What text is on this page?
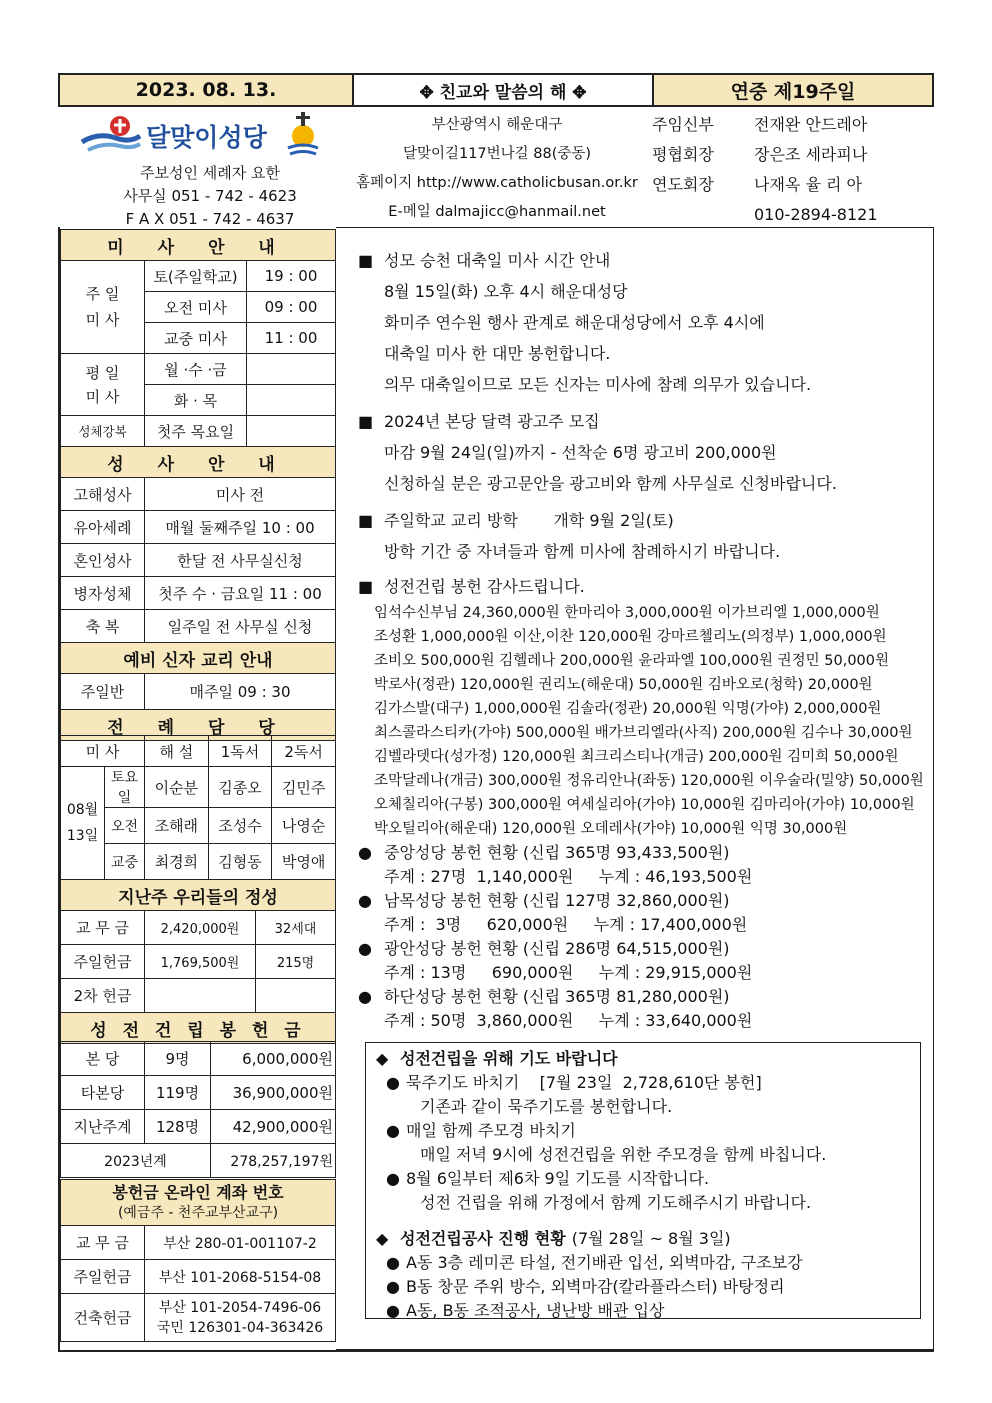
2023. 08. 13.	✥ 친교와 말씀의 해 ✥	연중 제19주일
달맞이성당
주보성인 세례자 요한
사무실 051 - 742 - 4623
F A X 051 - 742 - 4637
부산광역시 해운대구
달맞이길117번나길 88(중동)
홈페이지 http://www.catholicbusan.or.kr
E-메일 dalmajicc@hanmail.net
주임신부	전재완 안드레아
평협회장	장은조 세라피나
연도회장	나재옥 율 리 아
010-2894-8121
미 사 안 내		
주 일
미 사	토(주일학교)	19 : 00
	오전 미사	09 : 00
	교중 미사	11 : 00
평 일
미 사	월 ·수 ·금	
	화 · 목	
성체강복	첫주 목요일	
성 사 안 내		
고해성사	미사 전
유아세례	매월 둘째주일 10 : 00
혼인성사	한달 전 사무실신청
병자성체	첫주 수 · 금요일 11 : 00
축 복	일주일 전 사무실 신청
예비 신자 교리 안내	
주일반	매주일 09 : 30
전 례 담 당	
미 사		해 설	1독서	2독서
08월
13일	토요일	이순분	김종오	김민주
	오전	조해래	조성수	나영순
	교중	최경희	김형동	박영애
지난주 우리들의 정성		
교 무 금	2,420,000원	32세대
주일헌금	1,769,500원	215명
2차 헌금		
성 전 건 립 봉 헌 금		
본 당	9명	6,000,000원
타본당	119명	36,900,000원
지난주계	128명	42,900,000원
2023년계		278,257,197원
봉헌금 온라인 계좌 번호
(예금주 - 천주교부산교구)	

교 무 금	부산 280-01-001107-2
주일헌금	부산 101-2068-5154-08
건축헌금	부산 101-2054-7496-06
국민 126301-04-363426
■ 성모 승천 대축일 미사 시간 안내
8월 15일(화) 오후 4시 해운대성당
화미주 연수원 행사 관계로 해운대성당에서 오후 4시에
대축일 미사 한 대만 봉헌합니다.
의무 대축일이므로 모든 신자는 미사에 참례 의무가 있습니다.
■ 2024년 본당 달력 광고주 모집
마감 9월 24일(일)까지 - 선착순 6명 광고비 200,000원
신청하실 분은 광고문안을 광고비와 함께 사무실로 신청바랍니다.
■ 주일학교 교리 방학       개학 9월 2일(토)
방학 기간 중 자녀들과 함께 미사에 참례하시기 바랍니다.
■ 성전건립 봉헌 감사드립니다.
임석수신부님 24,360,000원 한마리아 3,000,000원 이가브리엘 1,000,000원
조성환 1,000,000원 이산,이찬 120,000원 강마르첼리노(의정부) 1,000,000원
조비오 500,000원 김헬레나 200,000원 윤라파엘 100,000원 권정민 50,000원
박로사(정관) 120,000원 권리노(해운대) 50,000원 김바오로(청학) 20,000원
김가스발(대구) 1,000,000원 김솔라(정관) 20,000원 익명(가야) 2,000,000원
최스콜라스티카(가야) 500,000원 배가브리엘라(사직) 200,000원 김수나 30,000원
김벨라뎃다(성가정) 120,000원 최크리스티나(개금) 200,000원 김미희 50,000원
조막달레나(개금) 300,000원 정유리안나(좌동) 120,000원 이우술라(밀양) 50,000원
오체칠리아(구봉) 300,000원 여세실리아(가야) 10,000원 김마리아(가야) 10,000원
박오틸리아(해운대) 120,000원 오데레사(가야) 10,000원 익명 30,000원
● 중앙성당 봉헌 현황 (신립 365명 93,433,500원)
주계 : 27명  1,140,000원     누계 : 46,193,500원
● 남목성당 봉헌 현황 (신립 127명 32,860,000원)
주계 :  3명     620,000원     누계 : 17,400,000원
● 광안성당 봉헌 현황 (신립 286명 64,515,000원)
주계 : 13명     690,000원     누계 : 29,915,000원
● 하단성당 봉헌 현황 (신립 365명 81,280,000원)
주계 : 50명  3,860,000원     누계 : 33,640,000원
◆ 성전건립을 위해 기도 바랍니다
● 묵주기도 바치기    [7월 23일  2,728,610단 봉헌]
기존과 같이 묵주기도를 봉헌합니다.
● 매일 함께 주모경 바치기
매일 저녁 9시에 성전건립을 위한 주모경을 함께 바칩니다.
● 8월 6일부터 제6차 9일 기도를 시작합니다.
성전 건립을 위해 가정에서 함께 기도해주시기 바랍니다.
◆ 성전건립공사 진행 현황 (7월 28일 ~ 8월 3일)
● A동 3층 레미콘 타설, 전기배관 입선, 외벽마감, 구조보강
● B동 창문 주위 방수, 외벽마감(칼라플라스터) 바탕정리
● A동, B동 조적공사, 냉난방 배관 입상
